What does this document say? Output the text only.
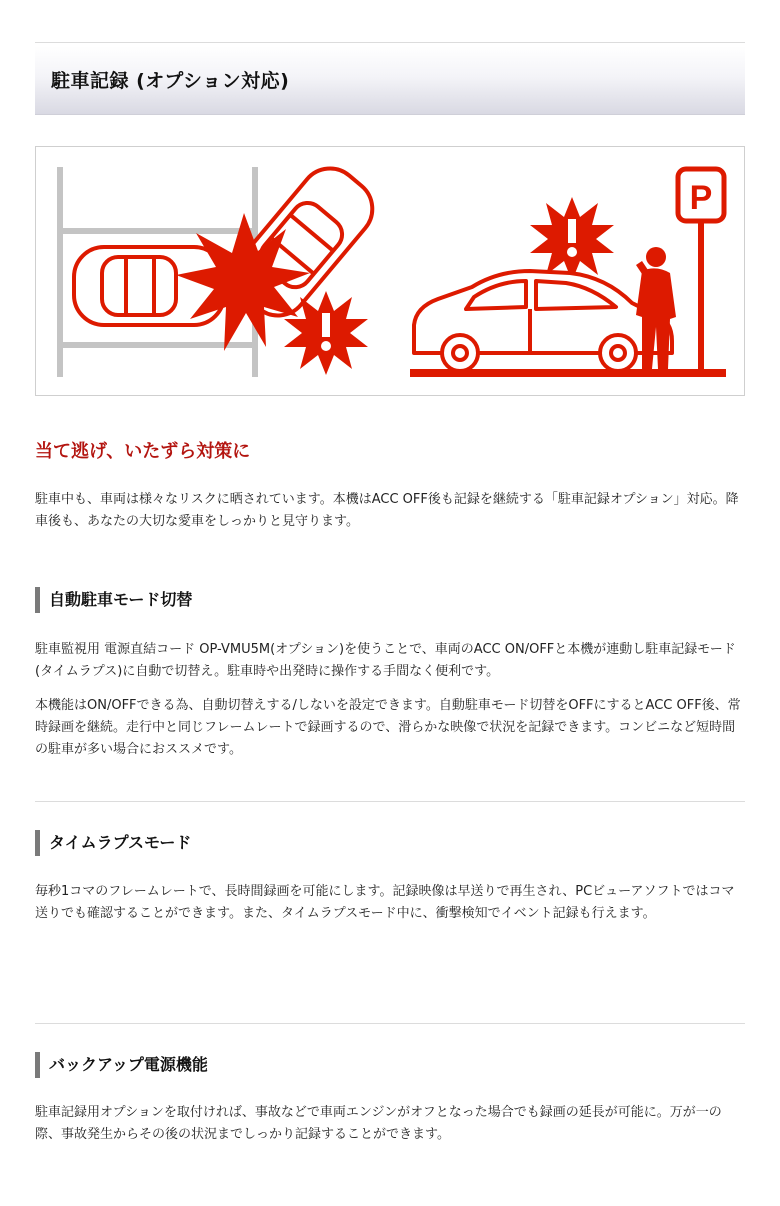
駐車記録 (オプション対応)
P
当て逃げ、いたずら対策に

駐車中も、車両は様々なリスクに晒されています。本機はACC OFF後も記録を継続する「駐車記録オプション」対応。降車後も、あなたの大切な愛車をしっかりと見守ります。

自動駐車モード切替

駐車監視用 電源直結コード OP-VMU5M(オプション)を使うことで、車両のACC ON/OFFと本機が連動し駐車記録モード(タイムラプス)に自動で切替え。駐車時や出発時に操作する手間なく便利です。

本機能はON/OFFできる為、自動切替えする/しないを設定できます。自動駐車モード切替をOFFにするとACC OFF後、常時録画を継続。走行中と同じフレームレートで録画するので、滑らかな映像で状況を記録できます。コンビニなど短時間の駐車が多い場合におススメです。

タイムラプスモード

毎秒1コマのフレームレートで、長時間録画を可能にします。記録映像は早送りで再生され、PCビューアソフトではコマ送りでも確認することができます。また、タイムラプスモード中に、衝撃検知でイベント記録も行えます。

バックアップ電源機能

駐車記録用オプションを取付ければ、事故などで車両エンジンがオフとなった場合でも録画の延長が可能に。万が一の際、事故発生からその後の状況までしっかり記録することができます。
